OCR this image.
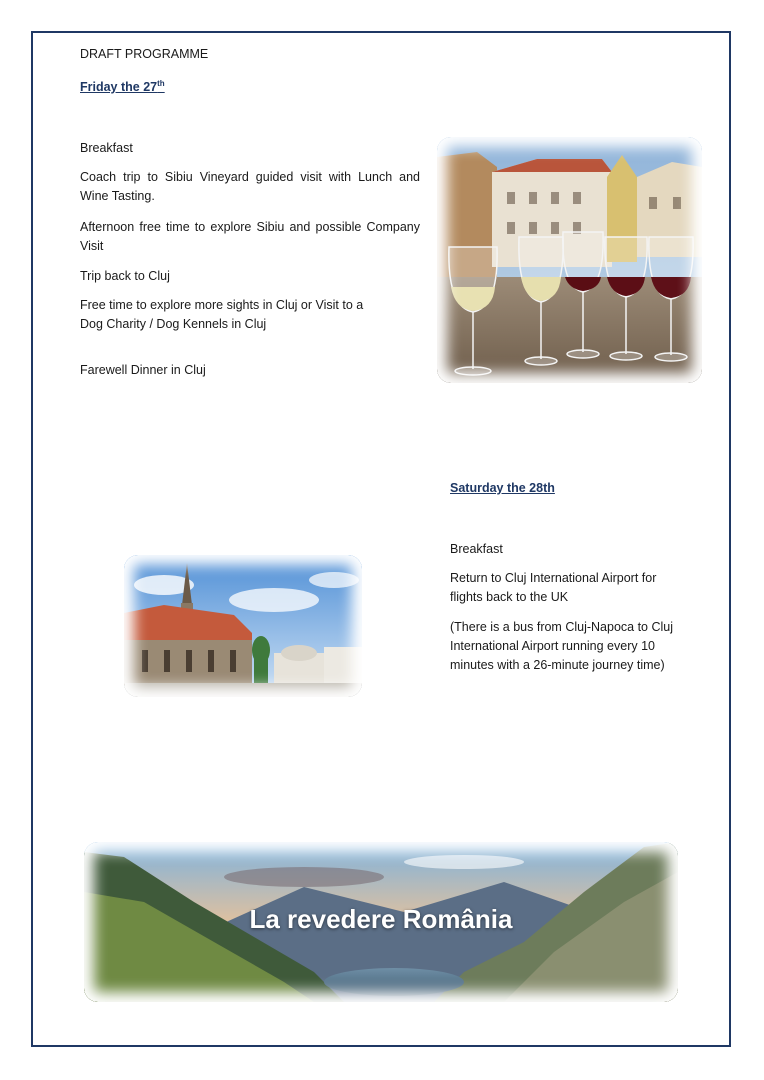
DRAFT PROGRAMME

Friday the 27th

Breakfast

Coach trip to Sibiu Vineyard guided visit with Lunch and Wine Tasting.

Afternoon free time to explore Sibiu and possible Company Visit

Trip back to Cluj

Free time to explore more sights in Cluj or Visit to a

Dog Charity / Dog Kennels in Cluj

Farewell Dinner in Cluj

Saturday the 28th

Breakfast

Return to Cluj International Airport for flights back to the UK

(There is a bus from Cluj-Napoca to Cluj International Airport running every 10 minutes with a 26-minute journey time)

La revedere România
